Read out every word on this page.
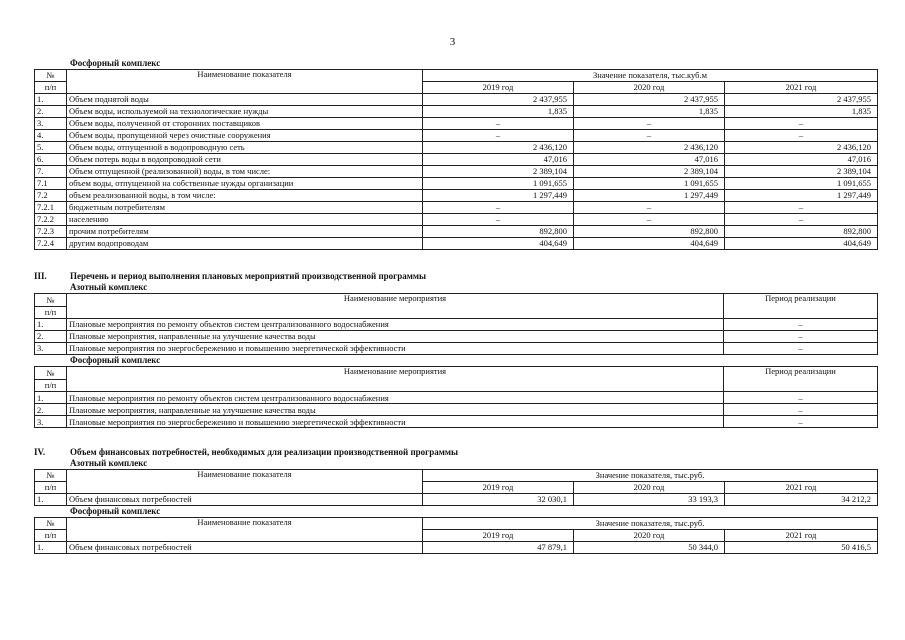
3
Фосфорный комплекс
№	Наименование показателя	Значение показателя, тыс.куб.м		
п/п		2019 год	2020 год	2021 год
1.	Объем поднятой воды	2 437,955	2 437,955	2 437,955
2.	Объем воды, используемой на технологические нужды	1,835	1,835	1,835
3.	Объем воды, полученной от сторонних поставщиков	–	–	–
4.	Объем воды, пропущенной через очистные сооружения	–	–	–
5.	Объем воды, отпущенной в водопроводную сеть	2 436,120	2 436,120	2 436,120
6.	Объем потерь воды в водопроводной сети	47,016	47,016	47,016
7.	Объем отпущенной (реализованной) воды, в том числе:	2 389,104	2 389,104	2 389,104
7.1	объем воды, отпущенной на собственные нужды организации	1 091,655	1 091,655	1 091,655
7.2	объем реализованной воды, в том числе:	1 297,449	1 297,449	1 297,449
7.2.1	бюджетным потребителям	–	–	–
7.2.2	населению	–	–	–
7.2.3	прочим потребителям	892,800	892,800	892,800
7.2.4	другим водопроводам	404,649	404,649	404,649
III.	Перечень и период выполнения плановых мероприятий производственной программы
Азотный комплекс
№	Наименование мероприятия	Период реализации
п/п		
1.	Плановые мероприятия по ремонту объектов систем централизованного водоснабжения	–
2.	Плановые мероприятия, направленные на улучшение качества воды	–
3.	Плановые мероприятия по энергосбережению и повышению энергетической эффективности	–
Фосфорный комплекс
№	Наименование мероприятия	Период реализации
п/п		
1.	Плановые мероприятия по ремонту объектов систем централизованного водоснабжения	–
2.	Плановые мероприятия, направленные на улучшение качества воды	–
3.	Плановые мероприятия по энергосбережению и повышению энергетической эффективности	–
IV.	Объем финансовых потребностей, необходимых для реализации производственной программы
Азотный комплекс
№	Наименование показателя	Значение показателя, тыс.руб.		
п/п		2019 год	2020 год	2021 год
1.	Объем финансовых потребностей	32 030,1	33 193,3	34 212,2
Фосфорный комплекс
№	Наименование показателя	Значение показателя, тыс.руб.		
п/п		2019 год	2020 год	2021 год
1.	Объем финансовых потребностей	47 879,1	50 344,0	50 416,5
